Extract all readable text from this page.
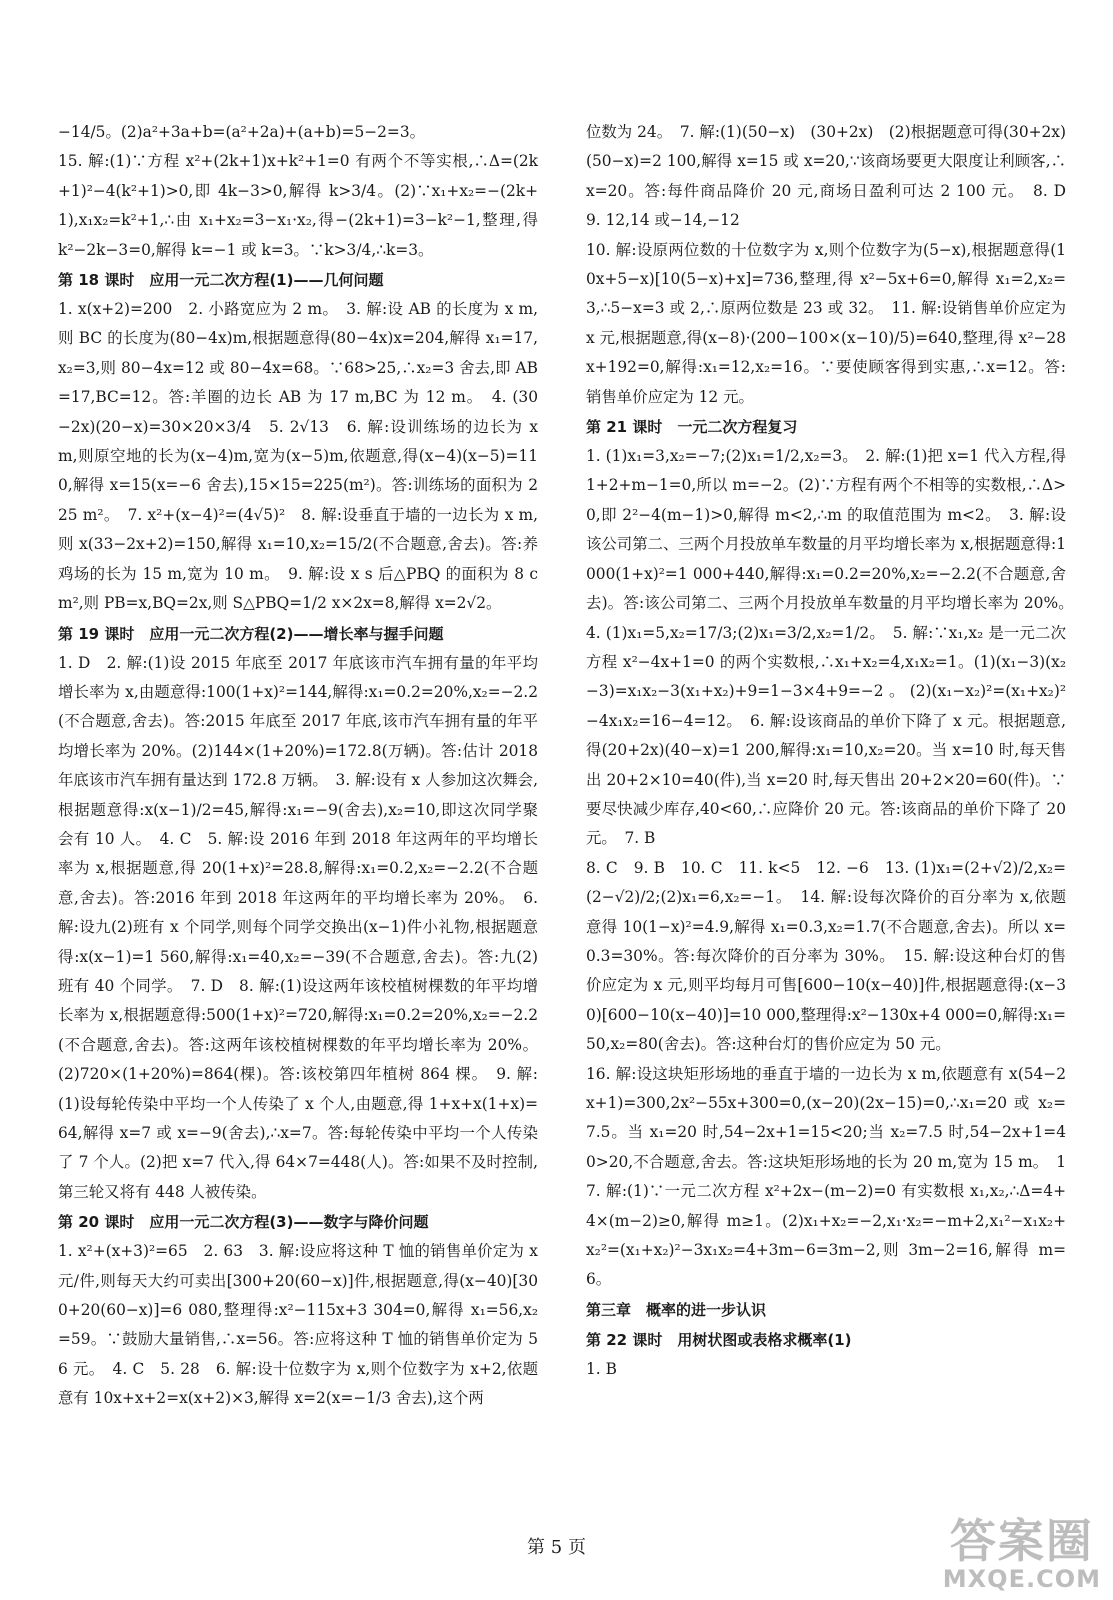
−14/5。(2)a²+3a+b=(a²+2a)+(a+b)=5−2=3。

15. 解:(1)∵方程 x²+(2k+1)x+k²+1=0 有两个不等实根,∴Δ=(2k+1)²−4(k²+1)>0,即 4k−3>0,解得 k>3/4。(2)∵x₁+x₂=−(2k+1),x₁x₂=k²+1,∴由 x₁+x₂=3−x₁·x₂,得−(2k+1)=3−k²−1,整理,得 k²−2k−3=0,解得 k=−1 或 k=3。∵k>3/4,∴k=3。

第 18 课时　应用一元二次方程(1)——几何问题

1. x(x+2)=200　2. 小路宽应为 2 m。　3. 解:设 AB 的长度为 x m,则 BC 的长度为(80−4x)m,根据题意得(80−4x)x=204,解得 x₁=17,x₂=3,则 80−4x=12 或 80−4x=68。∵68>25,∴x₂=3 舍去,即 AB=17,BC=12。答:羊圈的边长 AB 为 17 m,BC 为 12 m。　4. (30−2x)(20−x)=30×20×3/4　5. 2√13　6. 解:设训练场的边长为 x m,则原空地的长为(x−4)m,宽为(x−5)m,依题意,得(x−4)(x−5)=110,解得 x=15(x=−6 舍去),15×15=225(m²)。答:训练场的面积为 225 m²。　7. x²+(x−4)²=(4√5)²　8. 解:设垂直于墙的一边长为 x m,则 x(33−2x+2)=150,解得 x₁=10,x₂=15/2(不合题意,舍去)。答:养鸡场的长为 15 m,宽为 10 m。　9. 解:设 x s 后△PBQ 的面积为 8 cm²,则 PB=x,BQ=2x,则 S△PBQ=1/2 x×2x=8,解得 x=2√2。

第 19 课时　应用一元二次方程(2)——增长率与握手问题

1. D　2. 解:(1)设 2015 年底至 2017 年底该市汽车拥有量的年平均增长率为 x,由题意得:100(1+x)²=144,解得:x₁=0.2=20%,x₂=−2.2(不合题意,舍去)。答:2015 年底至 2017 年底,该市汽车拥有量的年平均增长率为 20%。(2)144×(1+20%)=172.8(万辆)。答:估计 2018 年底该市汽车拥有量达到 172.8 万辆。　3. 解:设有 x 人参加这次舞会,根据题意得:x(x−1)/2=45,解得:x₁=−9(舍去),x₂=10,即这次同学聚会有 10 人。　4. C　5. 解:设 2016 年到 2018 年这两年的平均增长率为 x,根据题意,得 20(1+x)²=28.8,解得:x₁=0.2,x₂=−2.2(不合题意,舍去)。答:2016 年到 2018 年这两年的平均增长率为 20%。　6. 解:设九(2)班有 x 个同学,则每个同学交换出(x−1)件小礼物,根据题意得:x(x−1)=1 560,解得:x₁=40,x₂=−39(不合题意,舍去)。答:九(2)班有 40 个同学。　7. D　8. 解:(1)设这两年该校植树棵数的年平均增长率为 x,根据题意得:500(1+x)²=720,解得:x₁=0.2=20%,x₂=−2.2(不合题意,舍去)。答:这两年该校植树棵数的年平均增长率为 20%。(2)720×(1+20%)=864(棵)。答:该校第四年植树 864 棵。　9. 解:(1)设每轮传染中平均一个人传染了 x 个人,由题意,得 1+x+x(1+x)=64,解得 x=7 或 x=−9(舍去),∴x=7。答:每轮传染中平均一个人传染了 7 个人。(2)把 x=7 代入,得 64×7=448(人)。答:如果不及时控制,第三轮又将有 448 人被传染。

第 20 课时　应用一元二次方程(3)——数字与降价问题

1. x²+(x+3)²=65　2. 63　3. 解:设应将这种 T 恤的销售单价定为 x 元/件,则每天大约可卖出[300+20(60−x)]件,根据题意,得(x−40)[300+20(60−x)]=6 080,整理得:x²−115x+3 304=0,解得 x₁=56,x₂=59。∵鼓励大量销售,∴x=56。答:应将这种 T 恤的销售单价定为 56 元。　4. C　5. 28　6. 解:设十位数字为 x,则个位数字为 x+2,依题意有 10x+x+2=x(x+2)×3,解得 x=2(x=−1/3 舍去),这个两

位数为 24。　7. 解:(1)(50−x)　(30+2x)　(2)根据题意可得(30+2x)(50−x)=2 100,解得 x=15 或 x=20,∵该商场要更大限度让利顾客,∴x=20。答:每件商品降价 20 元,商场日盈利可达 2 100 元。　8. D　9. 12,14 或−14,−12

10. 解:设原两位数的十位数字为 x,则个位数字为(5−x),根据题意得(10x+5−x)[10(5−x)+x]=736,整理,得 x²−5x+6=0,解得 x₁=2,x₂=3,∴5−x=3 或 2,∴原两位数是 23 或 32。　11. 解:设销售单价应定为 x 元,根据题意,得(x−8)·(200−100×(x−10)/5)=640,整理,得 x²−28x+192=0,解得:x₁=12,x₂=16。∵要使顾客得到实惠,∴x=12。答:销售单价应定为 12 元。

第 21 课时　一元二次方程复习

1. (1)x₁=3,x₂=−7;(2)x₁=1/2,x₂=3。　2. 解:(1)把 x=1 代入方程,得 1+2+m−1=0,所以 m=−2。(2)∵方程有两个不相等的实数根,∴Δ>0,即 2²−4(m−1)>0,解得 m<2,∴m 的取值范围为 m<2。　3. 解:设该公司第二、三两个月投放单车数量的月平均增长率为 x,根据题意得:1 000(1+x)²=1 000+440,解得:x₁=0.2=20%,x₂=−2.2(不合题意,舍去)。答:该公司第二、三两个月投放单车数量的月平均增长率为 20%。　4. (1)x₁=5,x₂=17/3;(2)x₁=3/2,x₂=1/2。　5. 解:∵x₁,x₂ 是一元二次方程 x²−4x+1=0 的两个实数根,∴x₁+x₂=4,x₁x₂=1。(1)(x₁−3)(x₂−3)=x₁x₂−3(x₁+x₂)+9=1−3×4+9=−2。(2)(x₁−x₂)²=(x₁+x₂)²−4x₁x₂=16−4=12。　6. 解:设该商品的单价下降了 x 元。根据题意,得(20+2x)(40−x)=1 200,解得:x₁=10,x₂=20。当 x=10 时,每天售出 20+2×10=40(件),当 x=20 时,每天售出 20+2×20=60(件)。∵要尽快减少库存,40<60,∴应降价 20 元。答:该商品的单价下降了 20 元。　7. B

8. C　9. B　10. C　11. k<5　12. −6　13. (1)x₁=(2+√2)/2,x₂=(2−√2)/2;(2)x₁=6,x₂=−1。　14. 解:设每次降价的百分率为 x,依题意得 10(1−x)²=4.9,解得 x₁=0.3,x₂=1.7(不合题意,舍去)。所以 x=0.3=30%。答:每次降价的百分率为 30%。　15. 解:设这种台灯的售价应定为 x 元,则平均每月可售[600−10(x−40)]件,根据题意得:(x−30)[600−10(x−40)]=10 000,整理得:x²−130x+4 000=0,解得:x₁=50,x₂=80(舍去)。答:这种台灯的售价应定为 50 元。

16. 解:设这块矩形场地的垂直于墙的一边长为 x m,依题意有 x(54−2x+1)=300,2x²−55x+300=0,(x−20)(2x−15)=0,∴x₁=20 或 x₂=7.5。当 x₁=20 时,54−2x+1=15<20;当 x₂=7.5 时,54−2x+1=40>20,不合题意,舍去。答:这块矩形场地的长为 20 m,宽为 15 m。　17. 解:(1)∵一元二次方程 x²+2x−(m−2)=0 有实数根 x₁,x₂,∴Δ=4+4×(m−2)≥0,解得 m≥1。(2)x₁+x₂=−2,x₁·x₂=−m+2,x₁²−x₁x₂+x₂²=(x₁+x₂)²−3x₁x₂=4+3m−6=3m−2,则 3m−2=16,解得 m=6。

第三章　概率的进一步认识
第 22 课时　用树状图或表格求概率(1)

1. B

第 5 页	答案圈
MXQE.COM
